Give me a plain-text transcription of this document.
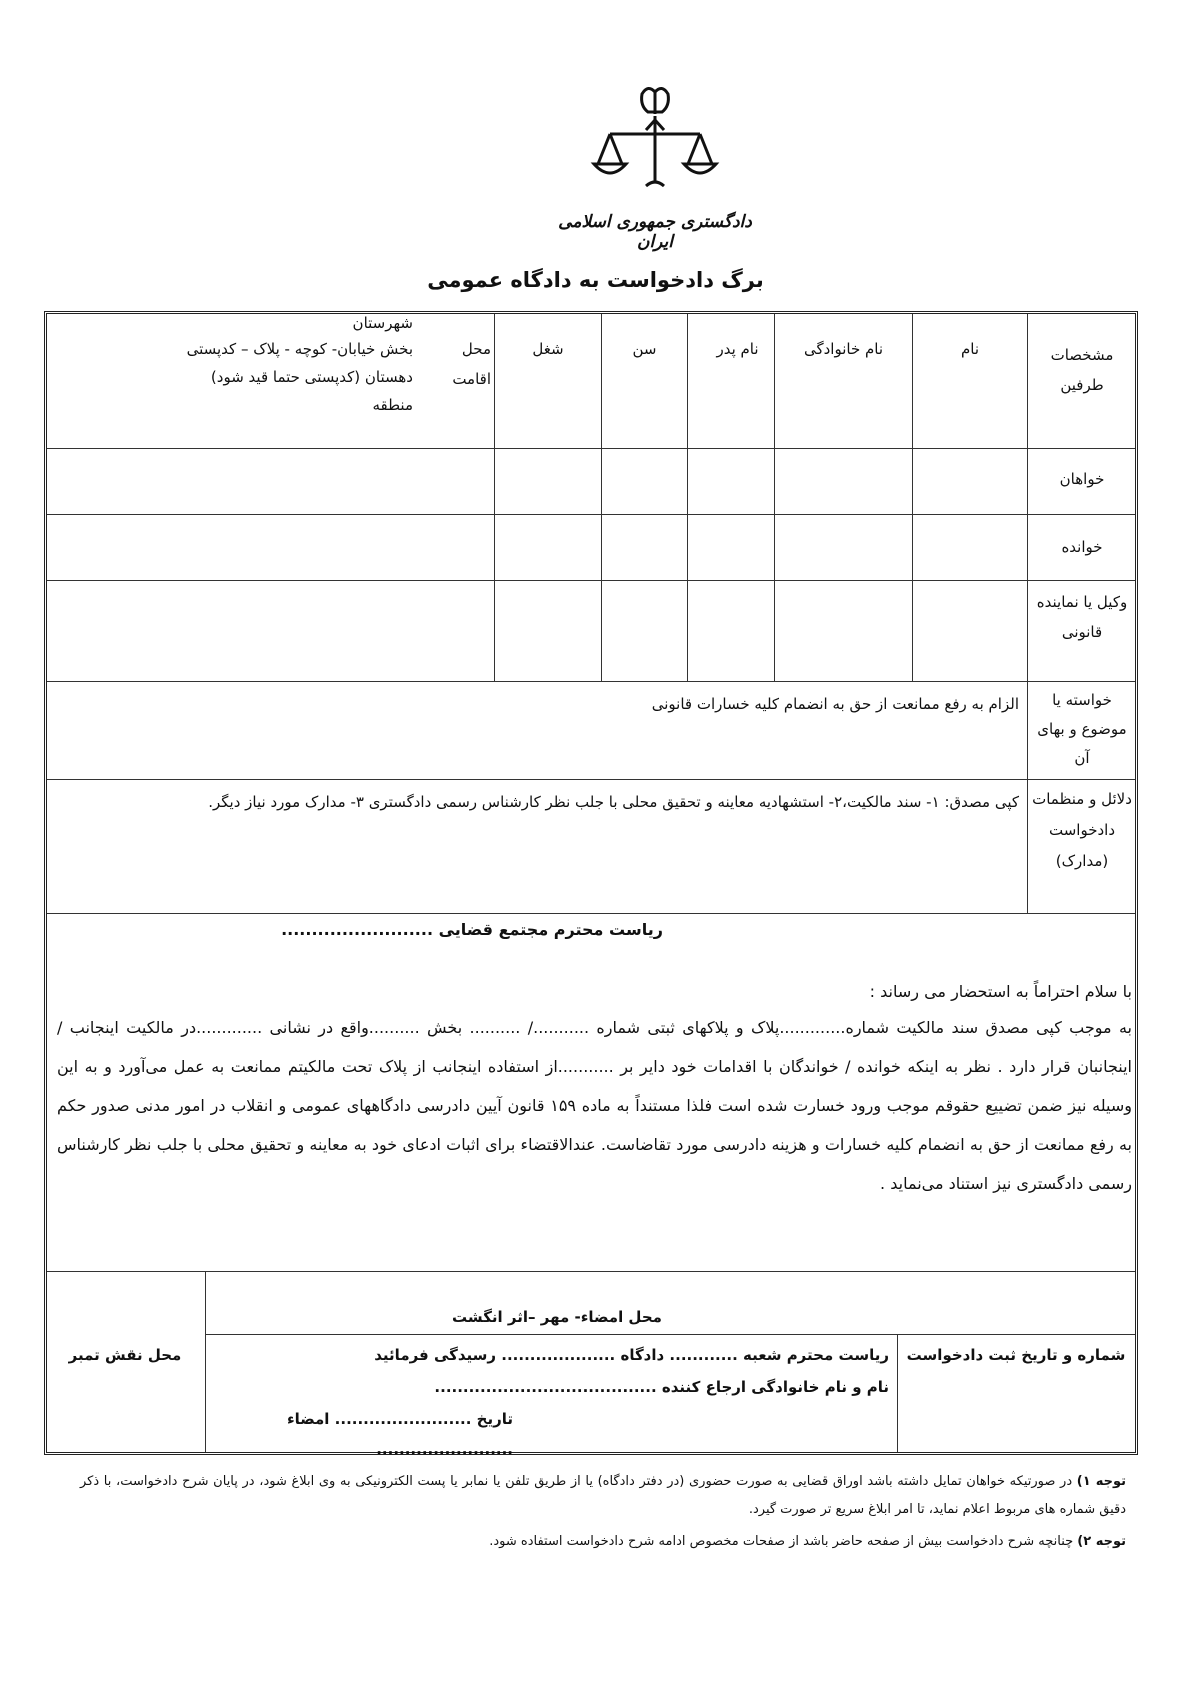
دادگستری جمهوری اسلامی ایران
برگ دادخواست به دادگاه عمومی
مشخصات طرفین
نام
نام خانوادگی
نام پدر
سن
شغل
محل اقامت
شهرستان
بخش خیابان- کوچه - پلاک – کدپستی
دهستان (کدپستی حتما قید شود)
منطقه
خواهان
خوانده
وکیل یا نماینده قانونی
خواسته یا موضوع و بهای آن
الزام به رفع ممانعت از حق به انضمام کلیه خسارات قانونی
دلائل و منظمات دادخواست (مدارک)
کپی مصدق: ۱- سند مالکیت،۲- استشهادیه معاینه و تحقیق محلی با جلب نظر کارشناس رسمی دادگستری ۳- مدارک مورد نیاز دیگر.
ریاست محترم مجتمع قضایی .........................
با سلام احتراماً به استحضار می رساند :
به موجب کپی مصدق سند مالکیت شماره.............پلاک و پلاکهای ثبتی شماره .........../ .......... بخش ..........واقع در نشانی .............در مالکیت اینجانب / اینجانبان قرار دارد . نظر به اینکه خوانده / خواندگان با اقدامات خود دایر بر ...........از استفاده اینجانب از پلاک تحت مالکیتم ممانعت به عمل می‌آورد و به این وسیله نیز ضمن تضییع حقوقم موجب ورود خسارت شده است فلذا مستنداً به ماده ۱۵۹ قانون آیین دادرسی دادگاههای عمومی و انقلاب در امور مدنی صدور حکم به رفع ممانعت از حق به انضمام کلیه خسارات و هزینه دادرسی مورد تقاضاست. عندالاقتضاء برای اثبات ادعای خود به معاینه و تحقیق محلی با جلب نظر کارشناس رسمی دادگستری نیز استناد می‌نماید .
محل نقش تمبر
محل امضاء- مهر –اثر انگشت
شماره و تاریخ ثبت دادخواست
ریاست محترم شعبه ............ دادگاه .................... رسیدگی فرمائید
نام و نام خانوادگی ارجاع کننده .......................................
تاریخ ........................ امضاء ........................
توجه ۱) در صورتیکه خواهان تمایل داشته باشد اوراق قضایی به صورت حضوری (در دفتر دادگاه) یا از طریق تلفن یا نمابر یا پست الکترونیکی به وی ابلاغ شود، در پایان شرح دادخواست، با ذکر دقیق شماره های مربوط اعلام نماید، تا امر ابلاغ سریع تر صورت گیرد.
توجه ۲) چنانچه شرح دادخواست بیش از صفحه حاضر باشد از صفحات مخصوص ادامه شرح دادخواست استفاده شود.
